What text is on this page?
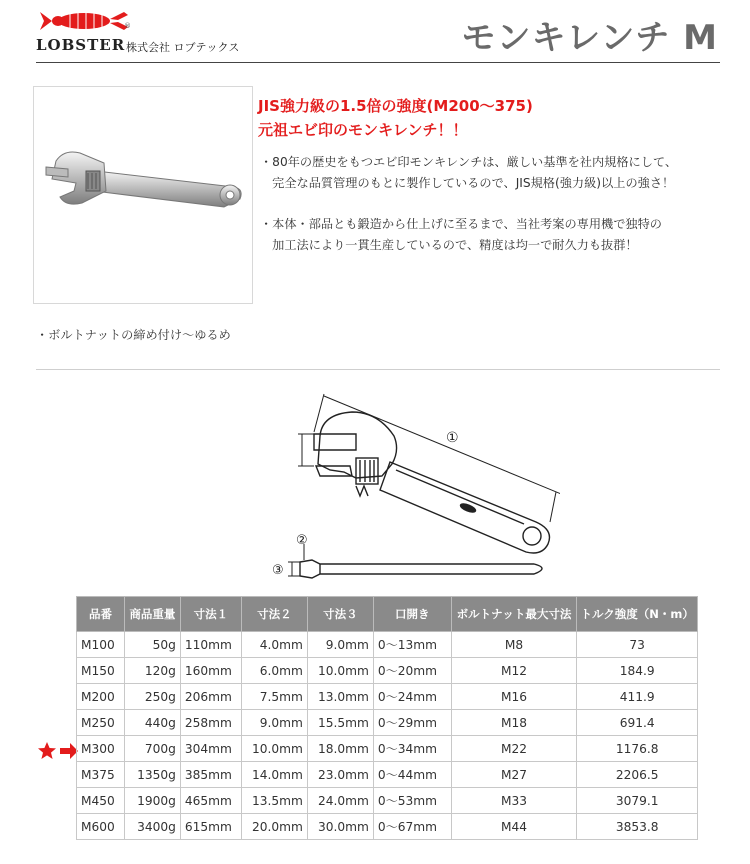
®
LOBSTER 株式会社 ロブテックス	モンキレンチ M
JIS強力級の1.5倍の強度(M200～375)
元祖エビ印のモンキレンチ！！
・80年の歴史をもつエビ印モンキレンチは、厳しい基準を社内規格にして、
　完全な品質管理のもとに製作しているので、JIS規格(強力級)以上の強さ！
・本体・部品とも鍛造から仕上げに至るまで、当社考案の専用機で独特の
　加工法により一貫生産しているので、精度は均一で耐久力も抜群！
・ボルトナットの締め付け～ゆるめ
①
②
③
品番	商品重量	寸法１	寸法２	寸法３	口開き	ボルトナット最大寸法	トルク強度（N・m）
M100	50g	110mm	4.0mm	9.0mm	0～13mm	M8	73
M150	120g	160mm	6.0mm	10.0mm	0～20mm	M12	184.9
M200	250g	206mm	7.5mm	13.0mm	0～24mm	M16	411.9
M250	440g	258mm	9.0mm	15.5mm	0～29mm	M18	691.4
M300	700g	304mm	10.0mm	18.0mm	0～34mm	M22	1176.8
M375	1350g	385mm	14.0mm	23.0mm	0～44mm	M27	2206.5
M450	1900g	465mm	13.5mm	24.0mm	0～53mm	M33	3079.1
M600	3400g	615mm	20.0mm	30.0mm	0～67mm	M44	3853.8
